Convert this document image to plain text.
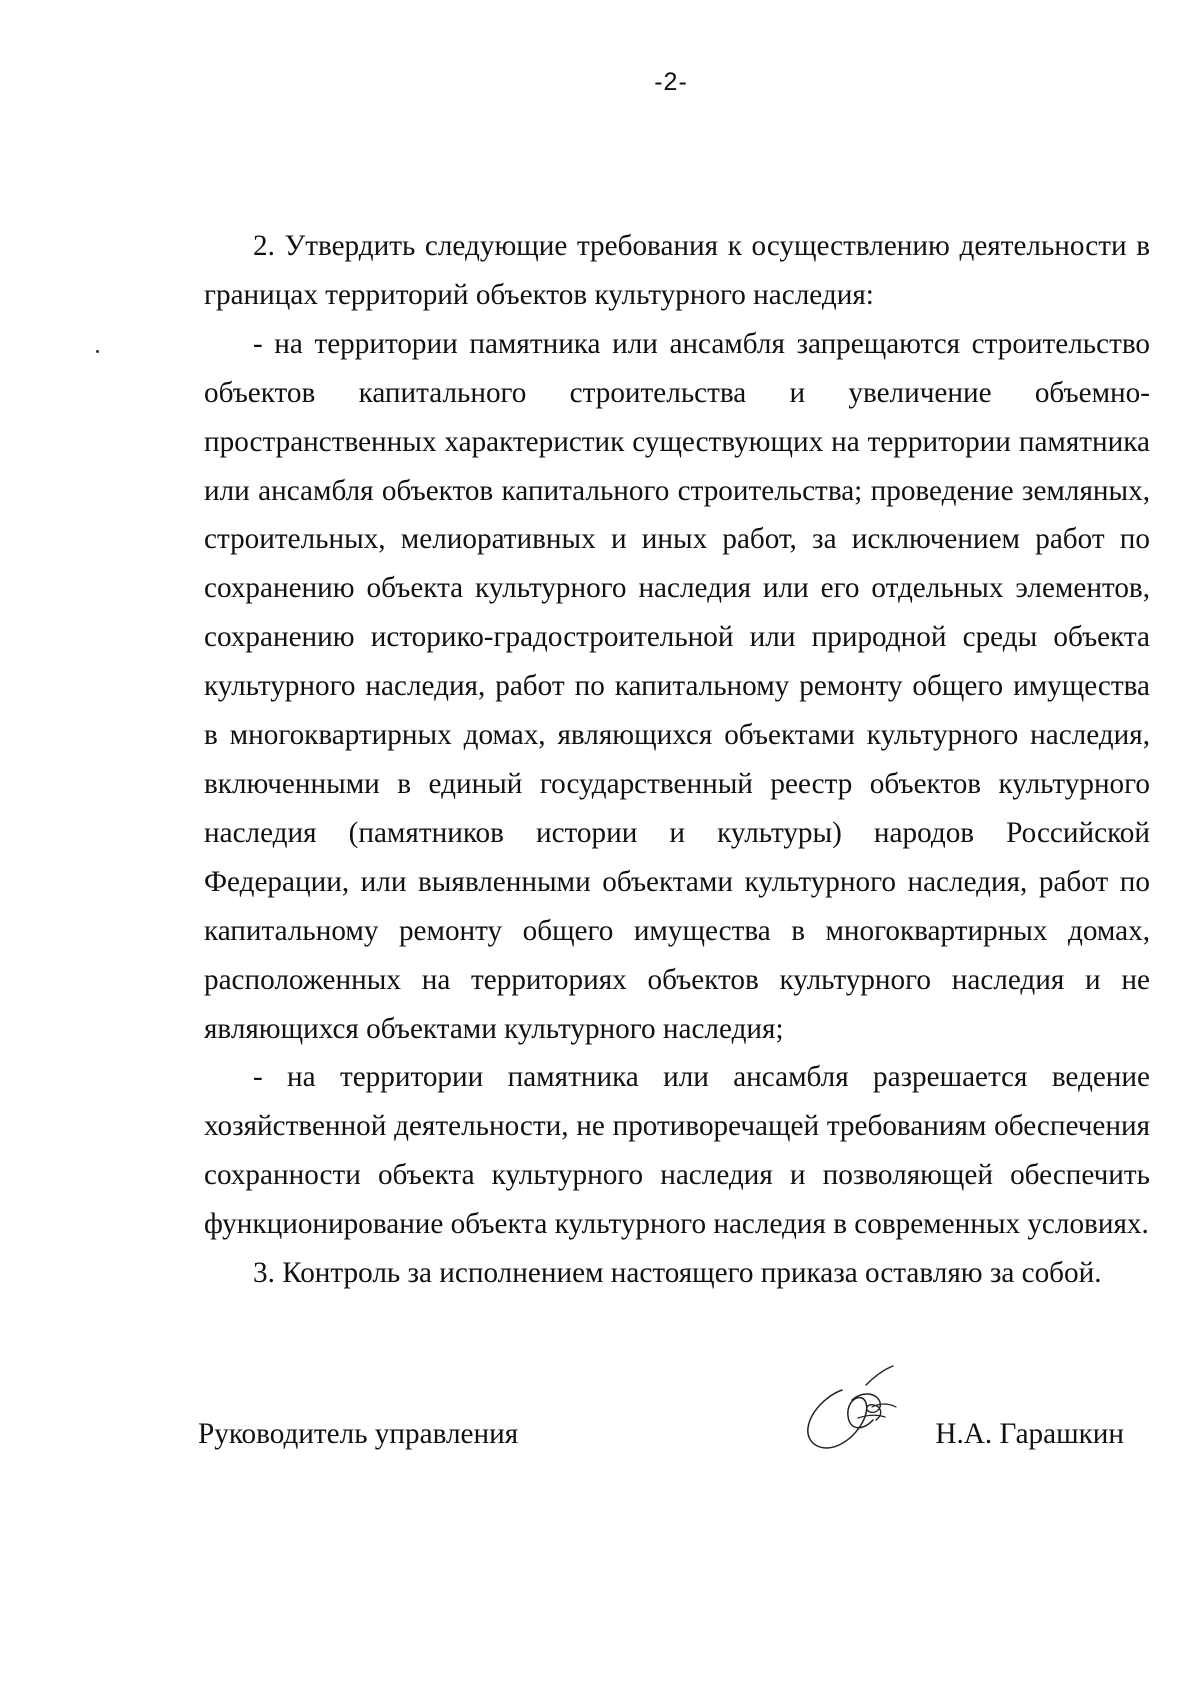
-2-

2. Утвердить следующие требования к осуществлению деятельности в границах территорий объектов культурного наследия:

- на территории памятника или ансамбля запрещаются строительство объектов капитального строительства и увеличение объемно-пространственных характеристик существующих на территории памятника или ансамбля объектов капитального строительства; проведение земляных, строительных, мелиоративных и иных работ, за исключением работ по сохранению объекта культурного наследия или его отдельных элементов, сохранению историко-градостроительной или природной среды объекта культурного наследия, работ по капитальному ремонту общего имущества в многоквартирных домах, являющихся объектами культурного наследия, включенными в единый государственный реестр объектов культурного наследия (памятников истории и культуры) народов Российской Федерации, или выявленными объектами культурного наследия, работ по капитальному ремонту общего имущества в многоквартирных домах, расположенных на территориях объектов культурного наследия и не являющихся объектами культурного наследия;

- на территории памятника или ансамбля разрешается ведение хозяйственной деятельности, не противоречащей требованиям обеспечения сохранности объекта культурного наследия и позволяющей обеспечить функционирование объекта культурного наследия в современных условиях.

3. Контроль за исполнением настоящего приказа оставляю за собой.

Руководитель управления	Н.А. Гарашкин
